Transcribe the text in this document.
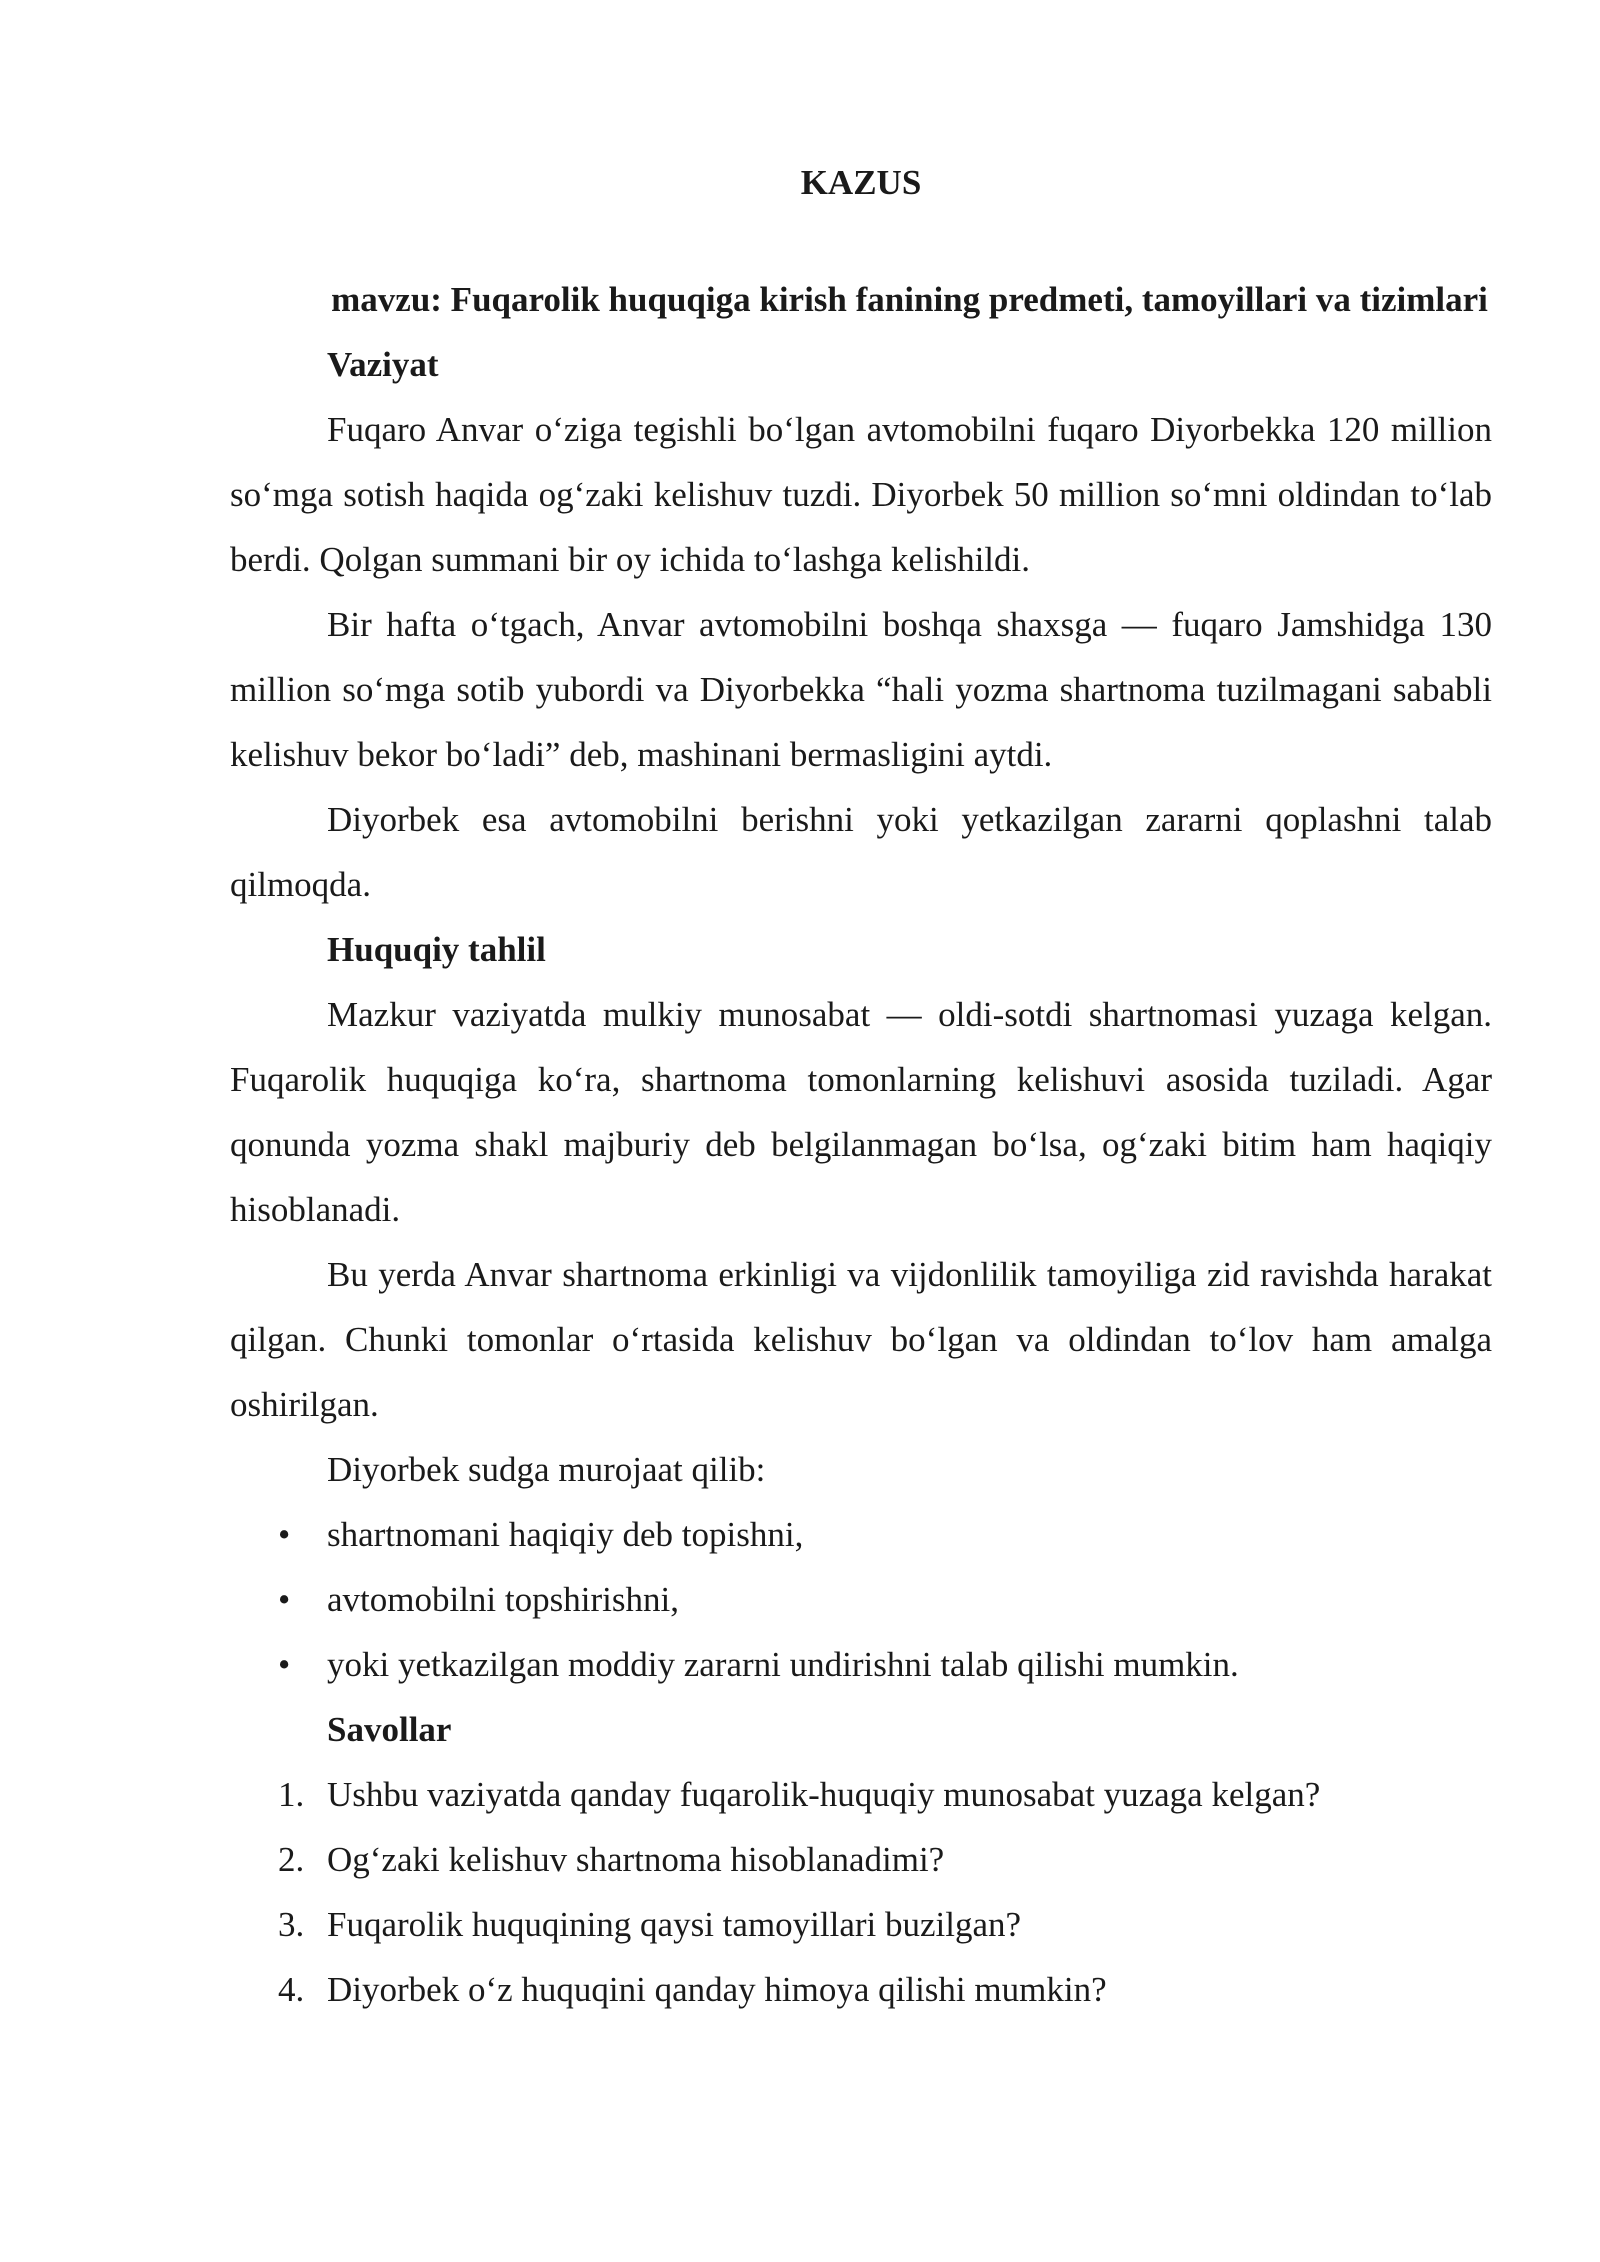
KAZUS

mavzu: Fuqarolik huquqiga kirish fanining predmeti, tamoyillari va tizimlari

Vaziyat

Fuqaro Anvar o‘ziga tegishli bo‘lgan avtomobilni fuqaro Diyorbekka 120 million so‘mga sotish haqida og‘zaki kelishuv tuzdi. Diyorbek 50 million so‘mni oldindan to‘lab berdi. Qolgan summani bir oy ichida to‘lashga kelishildi.

Bir hafta o‘tgach, Anvar avtomobilni boshqa shaxsga — fuqaro Jamshidga 130 million so‘mga sotib yubordi va Diyorbekka “hali yozma shartnoma tuzilmagani sababli kelishuv bekor bo‘ladi” deb, mashinani bermasligini aytdi.

Diyorbek esa avtomobilni berishni yoki yetkazilgan zararni qoplashni talab qilmoqda.

Huquqiy tahlil

Mazkur vaziyatda mulkiy munosabat — oldi-sotdi shartnomasi yuzaga kelgan. Fuqarolik huquqiga ko‘ra, shartnoma tomonlarning kelishuvi asosida tuziladi. Agar qonunda yozma shakl majburiy deb belgilanmagan bo‘lsa, og‘zaki bitim ham haqiqiy hisoblanadi.

Bu yerda Anvar shartnoma erkinligi va vijdonlilik tamoyiliga zid ravishda harakat qilgan. Chunki tomonlar o‘rtasida kelishuv bo‘lgan va oldindan to‘lov ham amalga oshirilgan.

Diyorbek sudga murojaat qilib:

• shartnomani haqiqiy deb topishni,
• avtomobilni topshirishni,
• yoki yetkazilgan moddiy zararni undirishni talab qilishi mumkin.

Savollar

1. Ushbu vaziyatda qanday fuqarolik-huquqiy munosabat yuzaga kelgan?
2. Og‘zaki kelishuv shartnoma hisoblanadimi?
3. Fuqarolik huquqining qaysi tamoyillari buzilgan?
4. Diyorbek o‘z huquqini qanday himoya qilishi mumkin?
